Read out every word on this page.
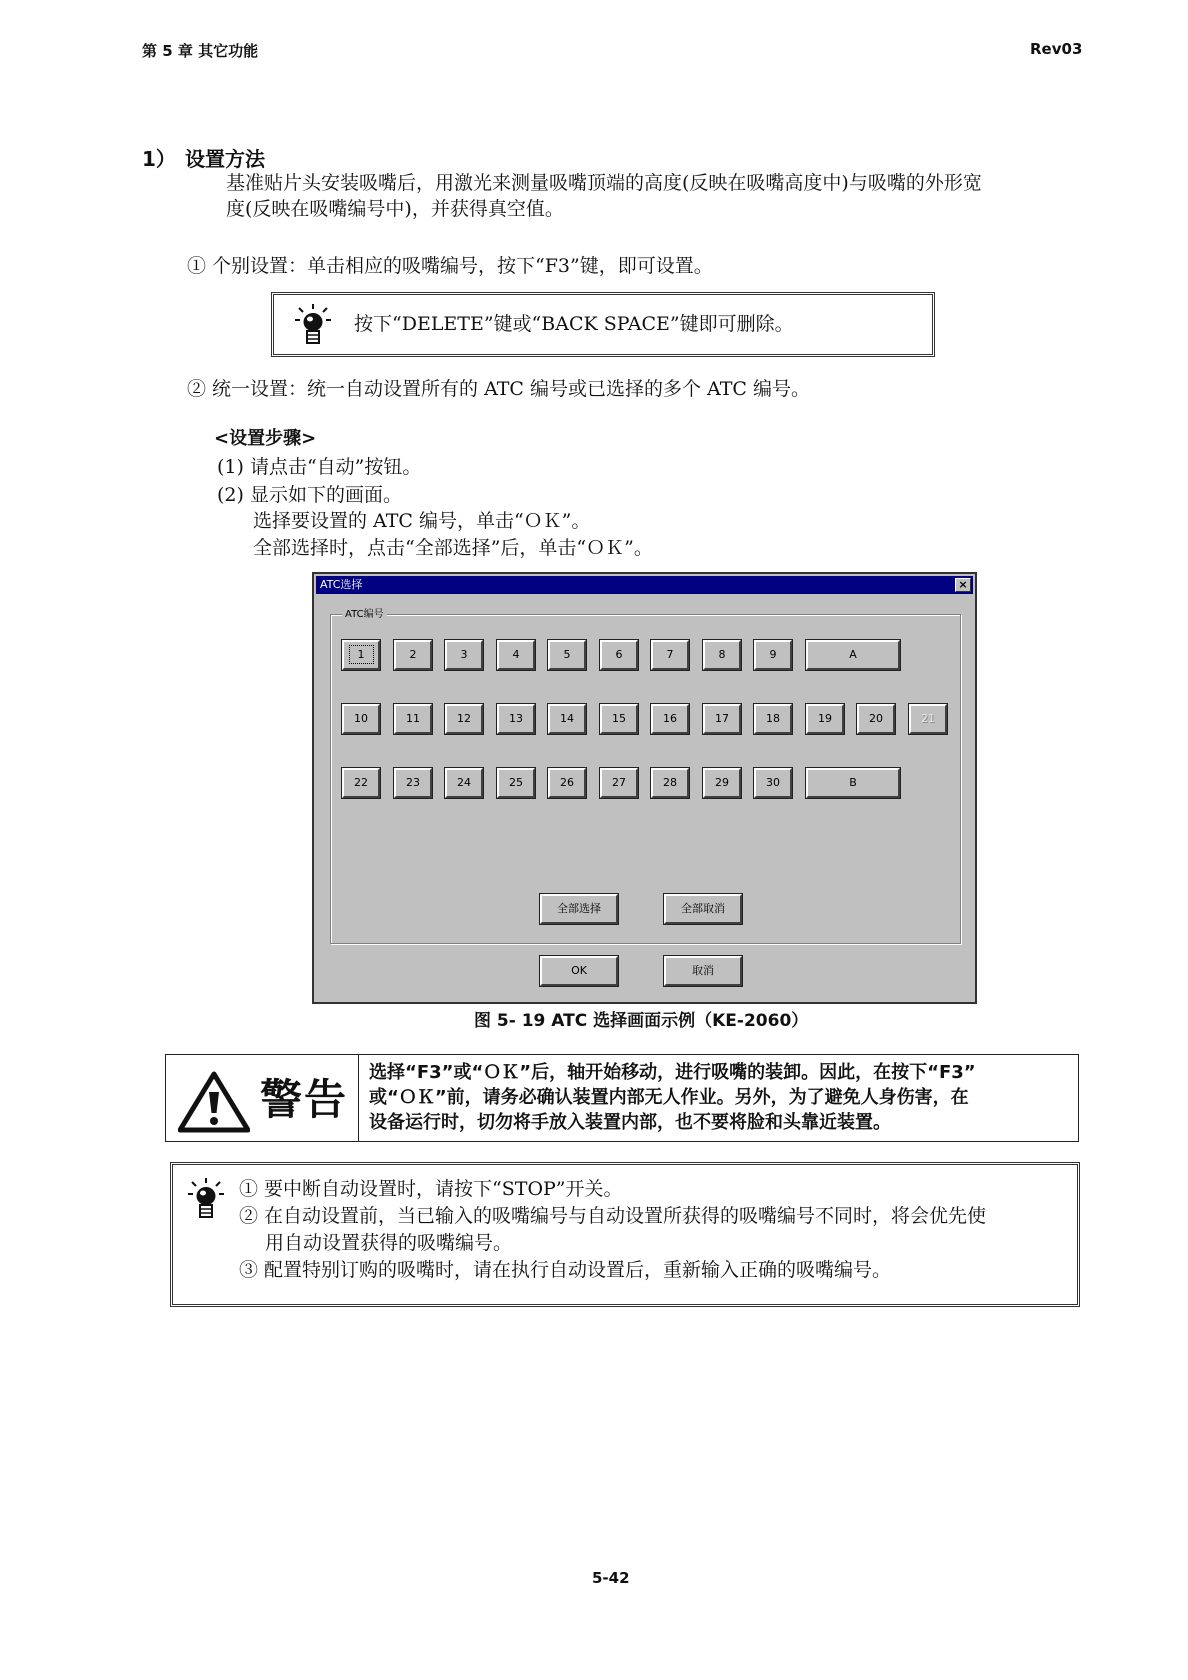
第 5 章 其它功能	Rev03
1） 设置方法
基准贴片头安装吸嘴后，用激光来测量吸嘴顶端的高度(反映在吸嘴高度中)与吸嘴的外形宽
度(反映在吸嘴编号中)，并获得真空值。
① 个别设置：单击相应的吸嘴编号，按下“F3”键，即可设置。
按下“DELETE”键或“BACK SPACE”键即可删除。
② 统一设置：统一自动设置所有的 ATC 编号或已选择的多个 ATC 编号。
<设置步骤>
(1) 请点击“自动”按钮。
(2) 显示如下的画面。
选择要设置的 ATC 编号，单击“ＯＫ”。
全部选择时，点击“全部选择”后，单击“ＯＫ”。
ATC选择	×
ATC编号
1	2	3	4	5	6	7	8	9	A
10	11	12	13	14	15	16	17	18	19	20	21
22	23	24	25	26	27	28	29	30	B
全部选择	全部取消
OK	取消
图 5- 19 ATC 选择画面示例（KE-2060）
警告
选择“F3”或“ＯＫ”后，轴开始移动，进行吸嘴的装卸。因此，在按下“F3”
或“ＯＫ”前，请务必确认装置内部无人作业。另外，为了避免人身伤害，在
设备运行时，切勿将手放入装置内部，也不要将脸和头靠近装置。
① 要中断自动设置时，请按下“STOP”开关。
② 在自动设置前，当已输入的吸嘴编号与自动设置所获得的吸嘴编号不同时，将会优先使
用自动设置获得的吸嘴编号。
③ 配置特别订购的吸嘴时，请在执行自动设置后，重新输入正确的吸嘴编号。
5-42
